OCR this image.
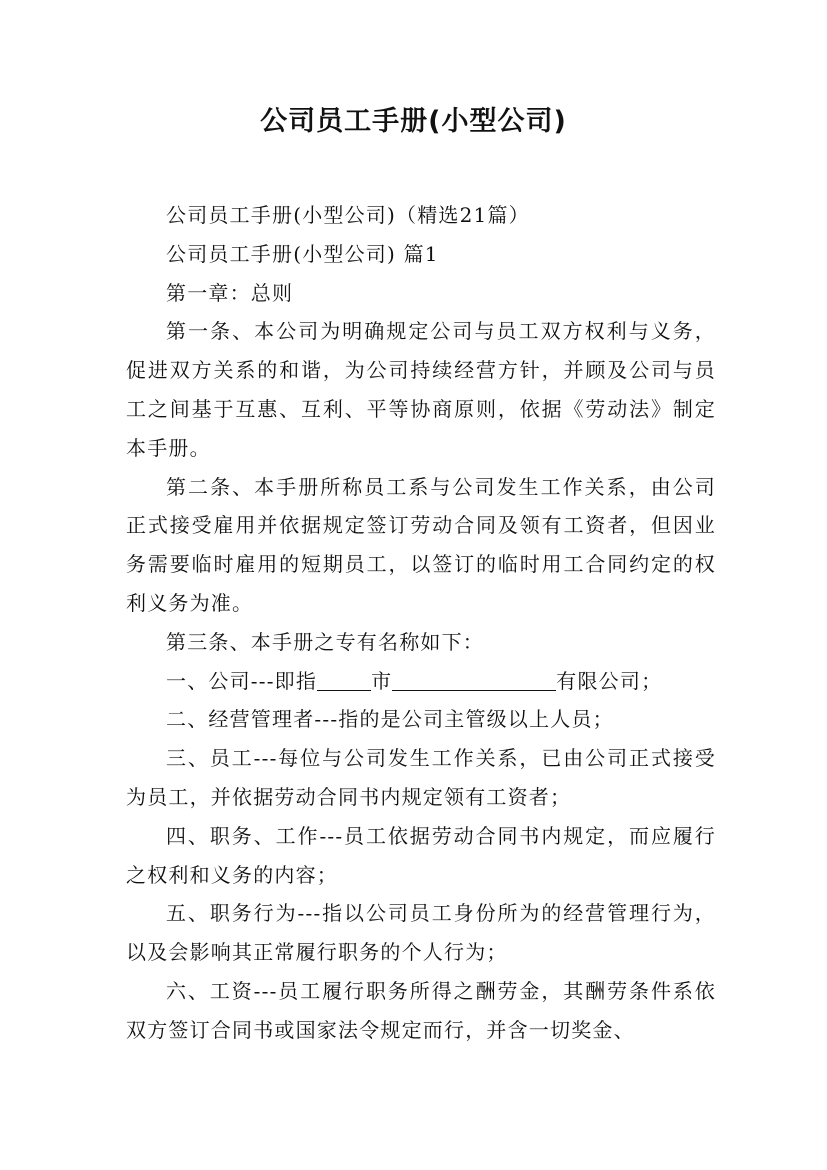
公司员工手册(小型公司)

公司员工手册(小型公司)（精选21篇）

公司员工手册(小型公司) 篇1

第一章：总则

第一条、本公司为明确规定公司与员工双方权利与义务，促进双方关系的和谐，为公司持续经营方针，并顾及公司与员工之间基于互惠、互利、平等协商原则，依据《劳动法》制定本手册。

第二条、本手册所称员工系与公司发生工作关系，由公司正式接受雇用并依据规定签订劳动合同及领有工资者，但因业务需要临时雇用的短期员工，以签订的临时用工合同约定的权利义务为准。

第三条、本手册之专有名称如下：

一、公司---即指	市	有限公司；

二、经营管理者---指的是公司主管级以上人员；

三、员工---每位与公司发生工作关系，已由公司正式接受为员工，并依据劳动合同书内规定领有工资者；

四、职务、工作---员工依据劳动合同书内规定，而应履行之权利和义务的内容；

五、职务行为---指以公司员工身份所为的经营管理行为，以及会影响其正常履行职务的个人行为；

六、工资---员工履行职务所得之酬劳金，其酬劳条件系依双方签订合同书或国家法令规定而行，并含一切奖金、
